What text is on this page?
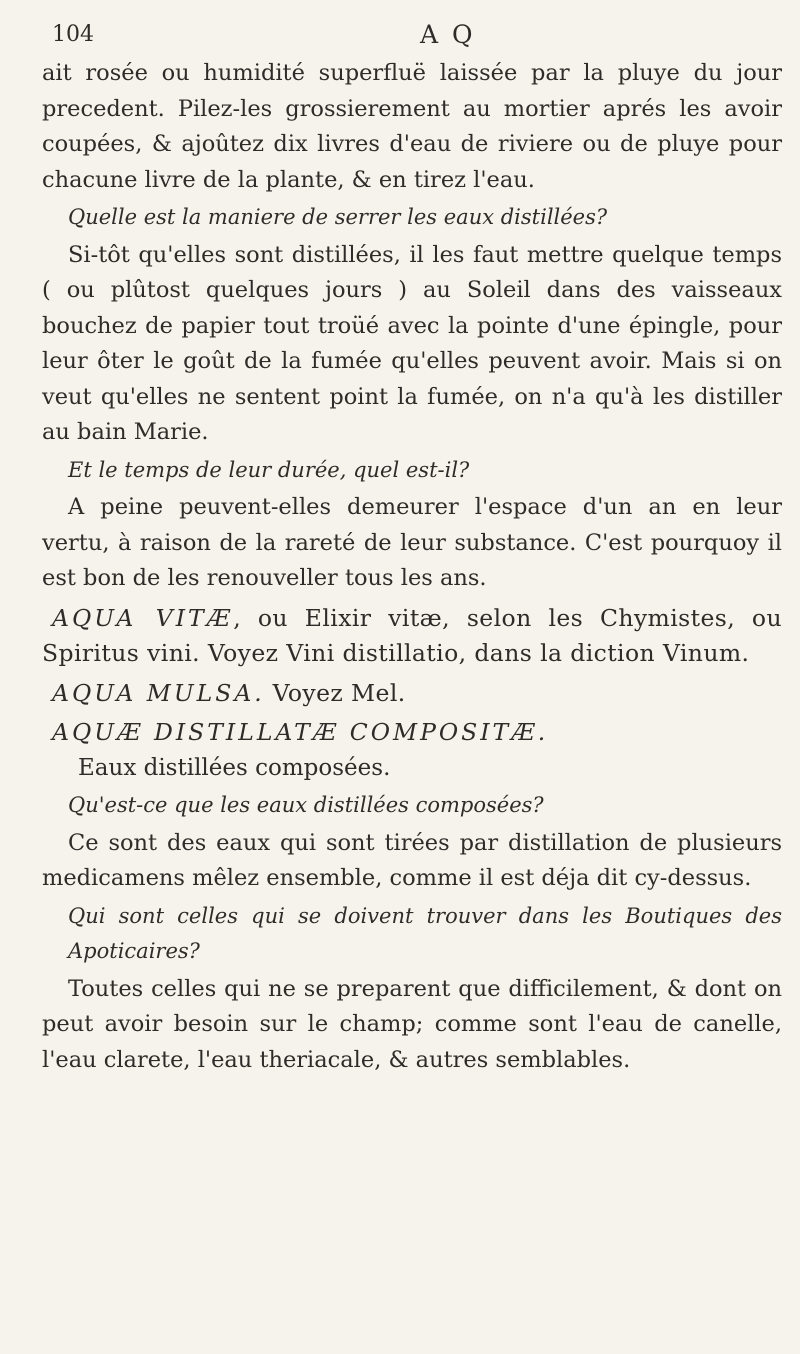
104	A Q

ait rosée ou humidité superfluë laissée par la pluye du jour precedent. Pilez-les grossierement au mortier aprés les avoir coupées, & ajoûtez dix livres d'eau de riviere ou de pluye pour chacune livre de la plante, & en tirez l'eau.

Quelle est la maniere de serrer les eaux distillées?

Si-tôt qu'elles sont distillées, il les faut mettre quelque temps ( ou plûtost quelques jours ) au Soleil dans des vaisseaux bouchez de papier tout troüé avec la pointe d'une épingle, pour leur ôter le goût de la fumée qu'elles peuvent avoir. Mais si on veut qu'elles ne sentent point la fumée, on n'a qu'à les distiller au bain Marie.

Et le temps de leur durée, quel est-il?

A peine peuvent-elles demeurer l'espace d'un an en leur vertu, à raison de la rareté de leur substance. C'est pourquoy il est bon de les renouveller tous les ans.

AQUA VITÆ, ou Elixir vitæ, selon les Chymistes, ou Spiritus vini. Voyez Vini distillatio, dans la diction Vinum.

AQUA MULSA. Voyez Mel.

AQUÆ DISTILLATÆ COMPOSITÆ.

Eaux distillées composées.

Qu'est-ce que les eaux distillées composées?

Ce sont des eaux qui sont tirées par distillation de plusieurs medicamens mêlez ensemble, comme il est déja dit cy-dessus.

Qui sont celles qui se doivent trouver dans les Boutiques des Apoticaires?

Toutes celles qui ne se preparent que difficilement, & dont on peut avoir besoin sur le champ; comme sont l'eau de canelle, l'eau clarete, l'eau theriacale, & autres semblables.
